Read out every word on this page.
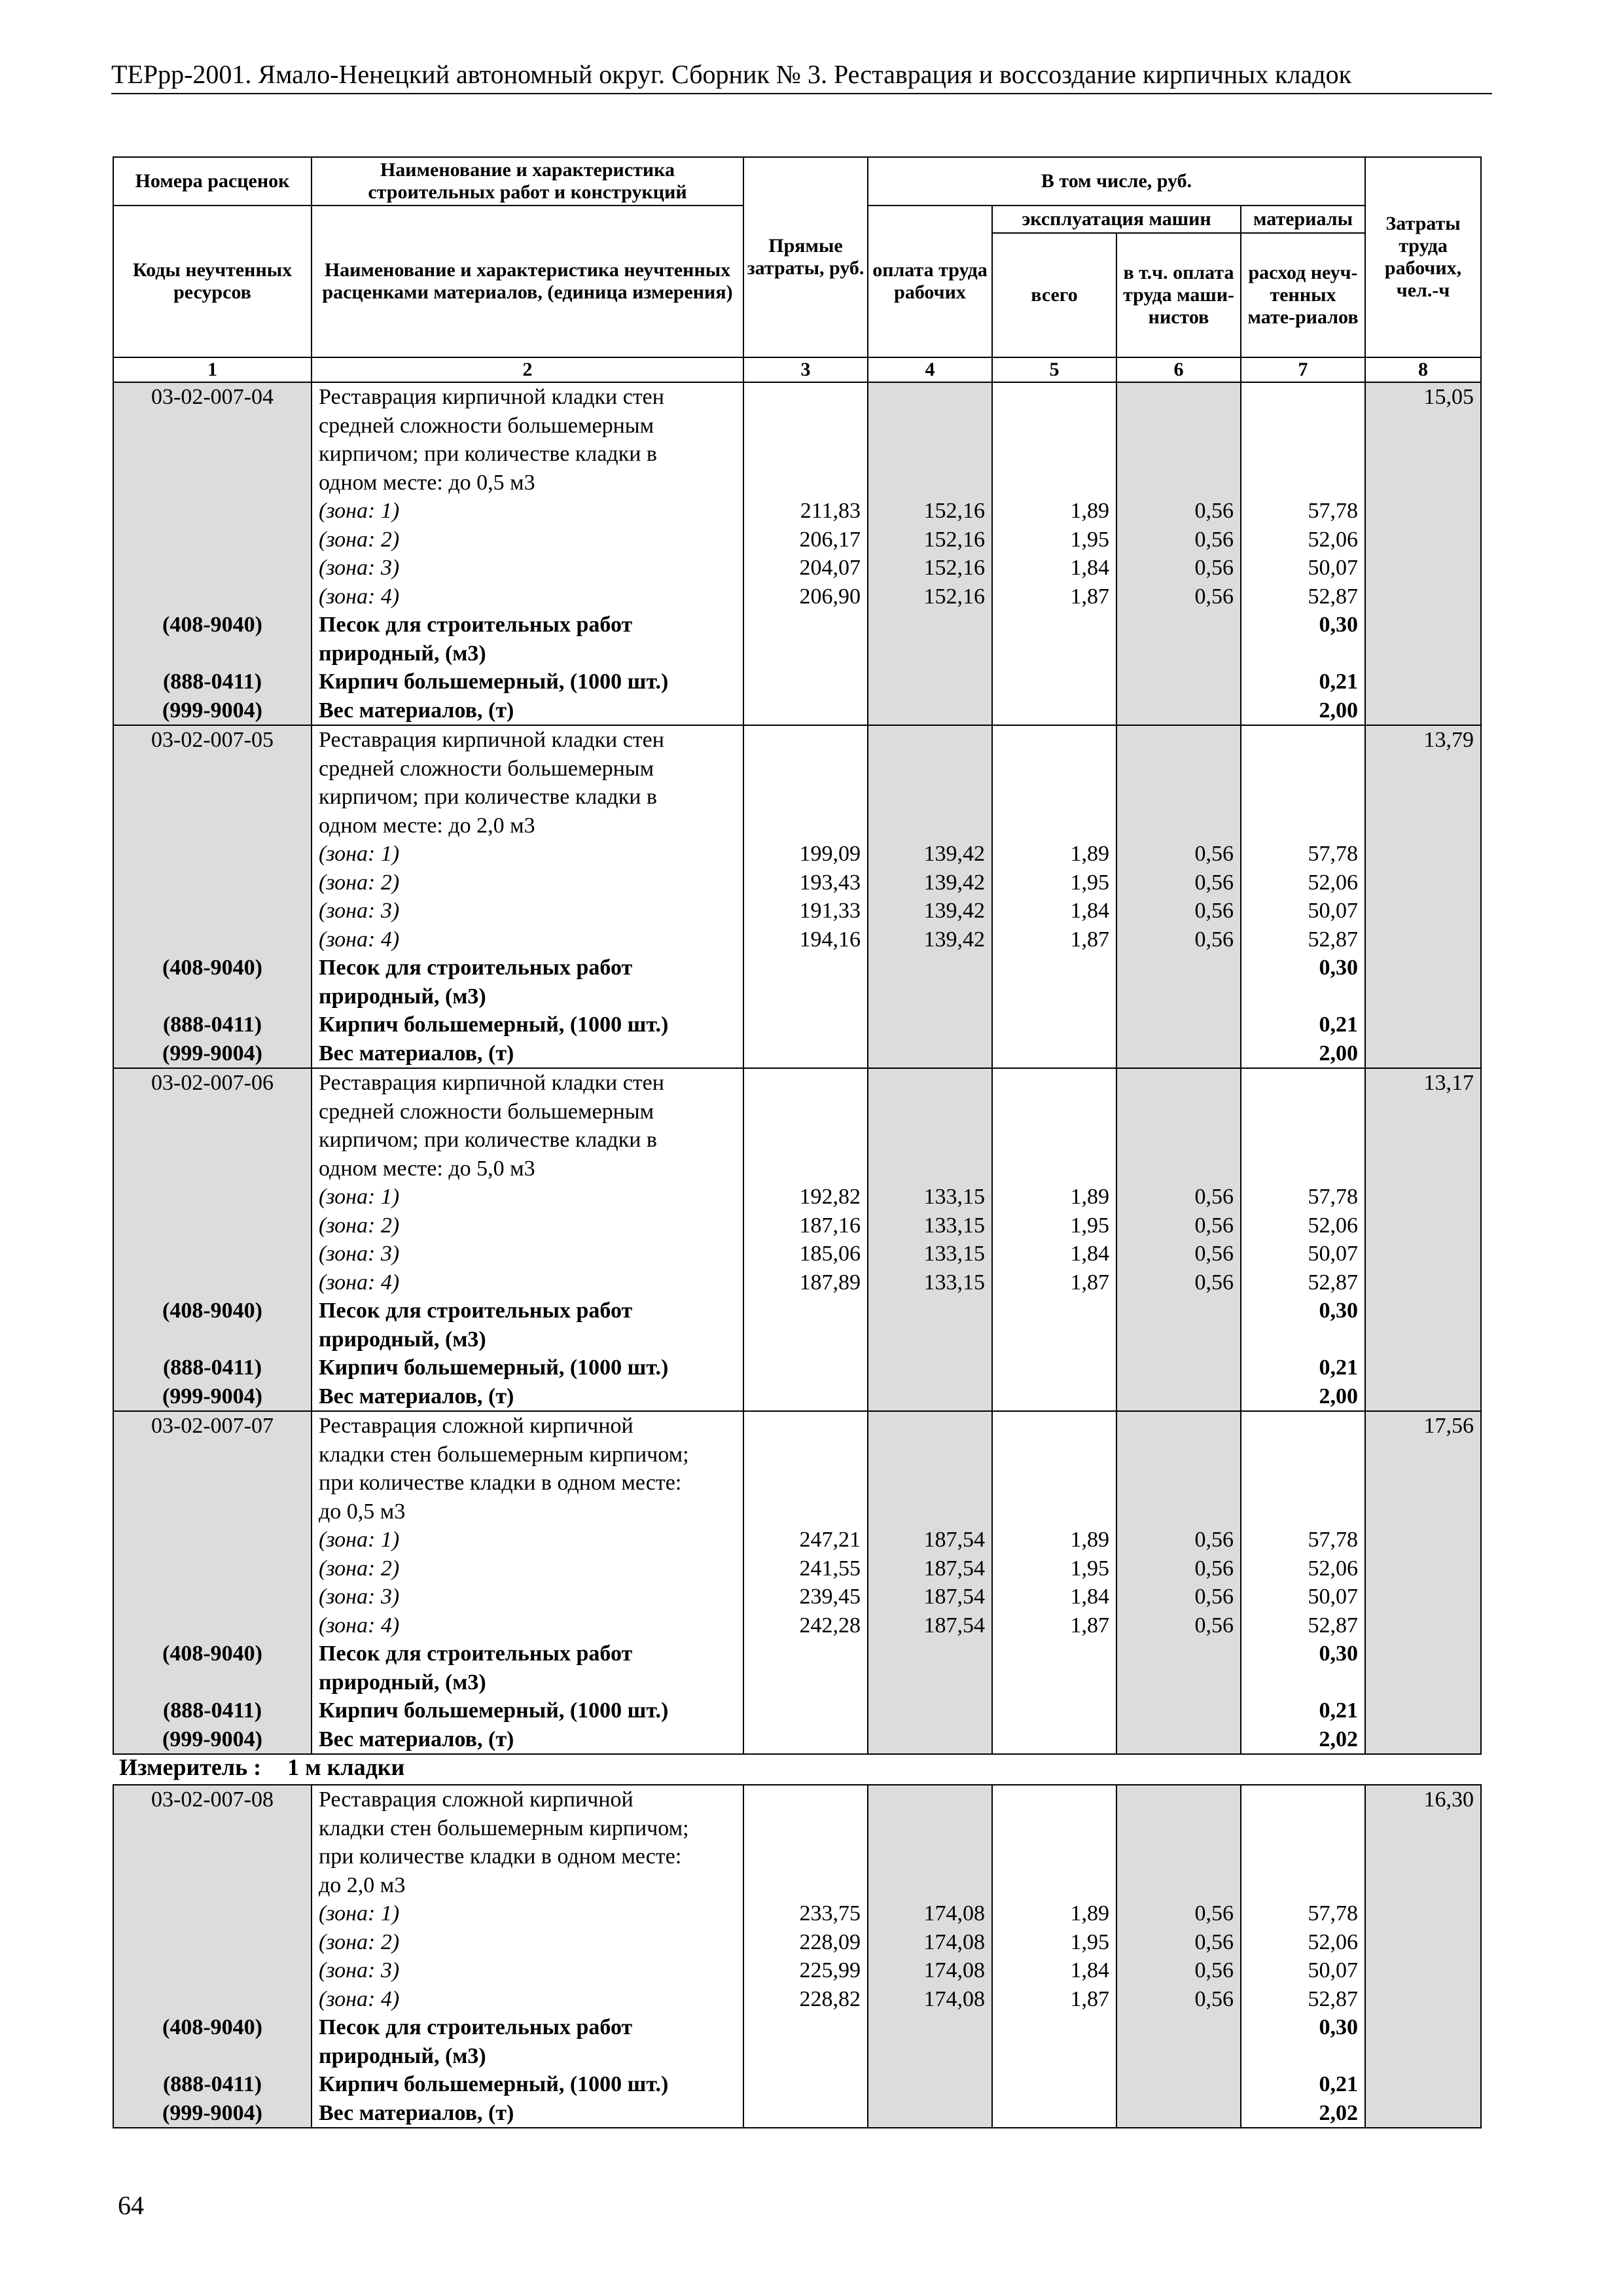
ТЕРрр-2001. Ямало-Ненецкий автономный округ. Сборник № 3. Реставрация и воссоздание кирпичных кладок
Номера расценок	Наименование и характеристика строительных работ и конструкций	Прямые затраты, руб.	В том числе, руб.				Затраты труда рабочих, чел.-ч
Коды неучтенных ресурсов	Наименование и характеристика неучтенных расценками материалов, (единица измерения)		оплата труда рабочих	эксплуатация машин		материалы	
				всего	в т.ч. оплата труда маши-нистов	расход неуч-тенных мате-риалов	
1	2	3	4	5	6	7	8
03-02-007-04	Реставрация кирпичной кладки стен						15,05
	средней сложности большемерным						
	кирпичом; при количестве кладки в						
	одном месте: до 0,5 м3						
	(зона: 1)	211,83	152,16	1,89	0,56	57,78	
	(зона: 2)	206,17	152,16	1,95	0,56	52,06	
	(зона: 3)	204,07	152,16	1,84	0,56	50,07	
	(зона: 4)	206,90	152,16	1,87	0,56	52,87	
(408-9040)	Песок для строительных работ					0,30	
	природный, (м3)						
(888-0411)	Кирпич большемерный, (1000 шт.)					0,21	
(999-9004)	Вес материалов, (т)					2,00	
03-02-007-05	Реставрация кирпичной кладки стен						13,79
	средней сложности большемерным						
	кирпичом; при количестве кладки в						
	одном месте: до 2,0 м3						
	(зона: 1)	199,09	139,42	1,89	0,56	57,78	
	(зона: 2)	193,43	139,42	1,95	0,56	52,06	
	(зона: 3)	191,33	139,42	1,84	0,56	50,07	
	(зона: 4)	194,16	139,42	1,87	0,56	52,87	
(408-9040)	Песок для строительных работ					0,30	
	природный, (м3)						
(888-0411)	Кирпич большемерный, (1000 шт.)					0,21	
(999-9004)	Вес материалов, (т)					2,00	
03-02-007-06	Реставрация кирпичной кладки стен						13,17
	средней сложности большемерным						
	кирпичом; при количестве кладки в						
	одном месте: до 5,0 м3						
	(зона: 1)	192,82	133,15	1,89	0,56	57,78	
	(зона: 2)	187,16	133,15	1,95	0,56	52,06	
	(зона: 3)	185,06	133,15	1,84	0,56	50,07	
	(зона: 4)	187,89	133,15	1,87	0,56	52,87	
(408-9040)	Песок для строительных работ					0,30	
	природный, (м3)						
(888-0411)	Кирпич большемерный, (1000 шт.)					0,21	
(999-9004)	Вес материалов, (т)					2,00	
03-02-007-07	Реставрация сложной кирпичной						17,56
	кладки стен большемерным кирпичом;						
	при количестве кладки в одном месте:						
	до 0,5 м3						
	(зона: 1)	247,21	187,54	1,89	0,56	57,78	
	(зона: 2)	241,55	187,54	1,95	0,56	52,06	
	(зона: 3)	239,45	187,54	1,84	0,56	50,07	
	(зона: 4)	242,28	187,54	1,87	0,56	52,87	
(408-9040)	Песок для строительных работ					0,30	
	природный, (м3)						
(888-0411)	Кирпич большемерный, (1000 шт.)					0,21	
(999-9004)	Вес материалов, (т)					2,02	
Измеритель : 1 м кладки
03-02-007-08	Реставрация сложной кирпичной						16,30
	кладки стен большемерным кирпичом;						
	при количестве кладки в одном месте:						
	до 2,0 м3						
	(зона: 1)	233,75	174,08	1,89	0,56	57,78	
	(зона: 2)	228,09	174,08	1,95	0,56	52,06	
	(зона: 3)	225,99	174,08	1,84	0,56	50,07	
	(зона: 4)	228,82	174,08	1,87	0,56	52,87	
(408-9040)	Песок для строительных работ					0,30	
	природный, (м3)						
(888-0411)	Кирпич большемерный, (1000 шт.)					0,21	
(999-9004)	Вес материалов, (т)					2,02	
64
